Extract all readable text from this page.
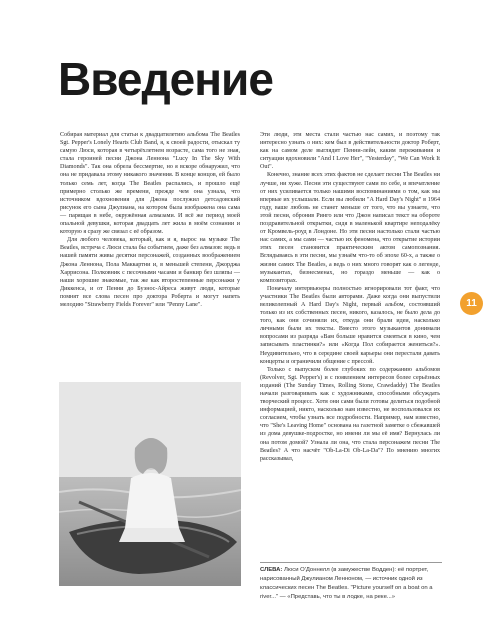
Введение

Собирая материал для статьи к двадцатилетию альбома The Beatles Sgt. Pepper's Lonely Hearts Club Band, я, к своей радости, отыскал ту самую Люси, которая в четырёхлетнем возрасте, сама того не зная, стала героиней песни Джона Леннона "Lucy In The Sky With Diamonds". Так она обрела бессмертие, но я вскоре обнаружил, что она не придавала этому никакого значения. В конце концов, ей было только семь лет, когда The Beatles распались, и прошло ещё примерно столько же времени, прежде чем она узнала, что источником вдохновения для Джона послужил детсадовский рисунок его сына Джулиана, на котором была изображена она сама — парящая в небе, окружённая алмазами. И всё же период моей опальной девушки, которая двадцать лет жила в моём сознании и которую я сразу же связал с её образом.

Для любого человека, который, как и я, вырос на музыке The Beatles, встреча с Люси стала бы событием, даже без алмазов: ведь в нашей памяти живы десятки персонажей, созданных воображением Джона Леннона, Пола Маккартни и, в меньшей степени, Джорджа Харрисона. Полковник с песочными часами и банкир без шляпы — наши хорошие знакомые, так же как второстепенные персонажи у Диккенса, и от Пенни до Буэнос-Айреса живут люди, которые помнят все слова песен про доктора Роберта и могут напеть мелодию "Strawberry Fields Forever" или "Penny Lane".

Эти люди, эти места стали частью нас самих, и поэтому так интересно узнать о них: кем был в действительности доктор Роберт, как на самом деле выглядит Пенни-лейн, каким переживания и ситуации вдохновили "And I Love Her", "Yesterday", "We Can Work It Out".

Конечно, знание всех этих фактов не сделает песни The Beatles ни лучше, ни хуже. Песни эти существуют сами по себе, и впечатление от них усиливается только нашими воспоминаниями о том, как мы впервые их услышали. Если вы любили "A Hard Day's Night" в 1964 году, ваше любовь не станет меньше от того, что вы узнаете, что этой песни, обронив Ринго или что Джон написал текст на обороте поздравительной открытки, сидя в маленькой квартире неподалёку от Кромвель-роуд в Лондоне. Но эти песни настолько стали частью нас самих, а мы сами — частью их феномена, что открытие истории этих песен становится практическим актом самопознания. Вглядываясь в эти песни, мы узнаём что-то об эпохе 60-х, а также о жизни самих The Beatles, а ведь о них много говорят как о легенде, музыкантах, бизнесменах, но гораздо меньше — как о композиторах.

Поначалу интервьюеры полностью игнорировали тот факт, что участники The Beatles были авторами. Даже когда они выпустили великолепный A Hard Day's Night, первый альбом, состоявший только из их собственных песен, никого, казалось, не было дела до того, как они сочиняли их, откуда они брали идеи, насколько личными были их тексты. Вместо этого музыкантов донимали вопросами из разряда «Вам больше нравится смеяться в кино, чем записывать пластинки?» или «Когда Пол собирается жениться?». Неудивительно, что в середине своей карьеры они перестали давать концерты и ограничили общение с прессой.

Только с выпуском более глубоких по содержанию альбомов (Revolver, Sgt. Pepper's) и с появлением интересов более серьёзных изданий (The Sunday Times, Rolling Stone, Crawdaddy) The Beatles начали разговаривать как с художниками, способными обсуждать творческий процесс. Хотя они сами были готовы делиться подобной информацией, никто, насколько нам известно, не воспользовался их согласием, чтобы узнать все подробности. Например, нам известно, что "She's Leaving Home" основана на газетной заметке о сбежавшей из дома девушке-подростке, но имени ли мы её имя? Вернулась ли она потом домой? Узнала ли она, что стала персонажем песни The Beatles? А что насчёт "Ob-La-Di Ob-La-Da"? По мнению многих рассказывал,

11
СЛЕВА: Люси О'Доннелл (в замужестве Водден): её портрет, нарисованный Джулианом Ленноном, — источник одной из классических песен The Beatles. "Picture yourself on a boat on a river..." — «Представь, что ты в лодке, на реке...»
